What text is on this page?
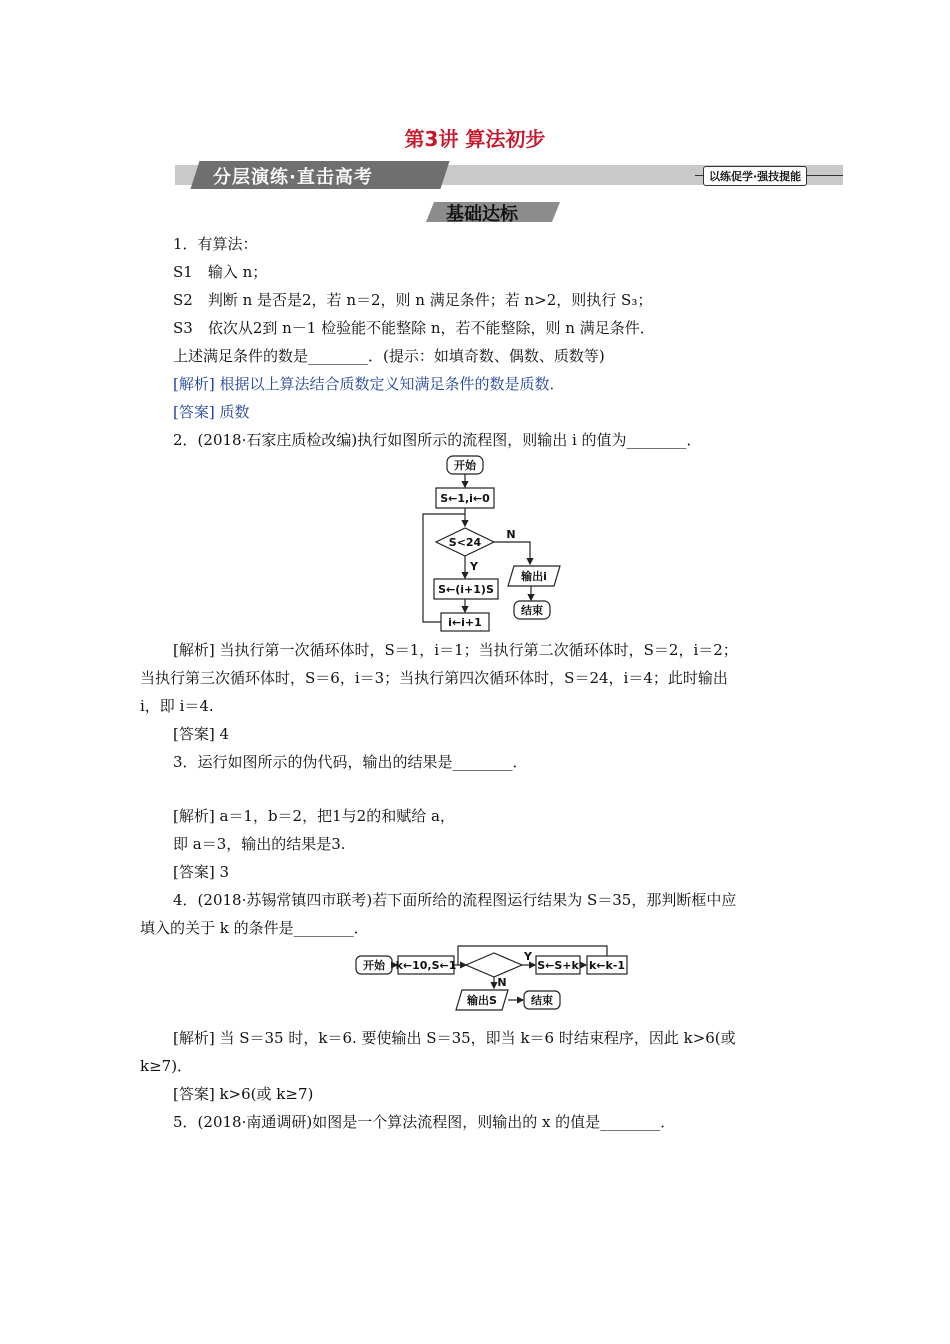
第3讲 算法初步
分层演练·直击高考	以练促学·强技提能
基础达标
1．有算法：
S1　输入 n；
S2　判断 n 是否是2，若 n＝2，则 n 满足条件；若 n>2，则执行 S₃；
S3　依次从2到 n－1 检验能不能整除 n，若不能整除，则 n 满足条件．
上述满足条件的数是________．(提示：如填奇数、偶数、质数等)
[解析] 根据以上算法结合质数定义知满足条件的数是质数．
[答案] 质数
2．(2018·石家庄质检改编)执行如图所示的流程图，则输出 i 的值为________．
开始
S←1,i←0
S<24
Y
N
S←(i+1)S
i←i+1
输出i
结束
[解析] 当执行第一次循环体时，S＝1，i＝1；当执行第二次循环体时，S＝2，i＝2；
当执行第三次循环体时，S＝6，i＝3；当执行第四次循环体时，S＝24，i＝4；此时输出
i，即 i＝4.
[答案] 4
3．运行如图所示的伪代码，输出的结果是________．
[解析] a＝1，b＝2，把1与2的和赋给 a，
即 a＝3，输出的结果是3.
[答案] 3
4．(2018·苏锡常镇四市联考)若下面所给的流程图运行结果为 S＝35，那判断框中应
填入的关于 k 的条件是________．
开始 k←10,S←1
Y
N
S←S+k k←k-1
输出S	结束
[解析] 当 S＝35 时，k＝6. 要使输出 S＝35，即当 k＝6 时结束程序，因此 k>6(或
k≥7)．
[答案] k>6(或 k≥7)
5．(2018·南通调研)如图是一个算法流程图，则输出的 x 的值是________．
